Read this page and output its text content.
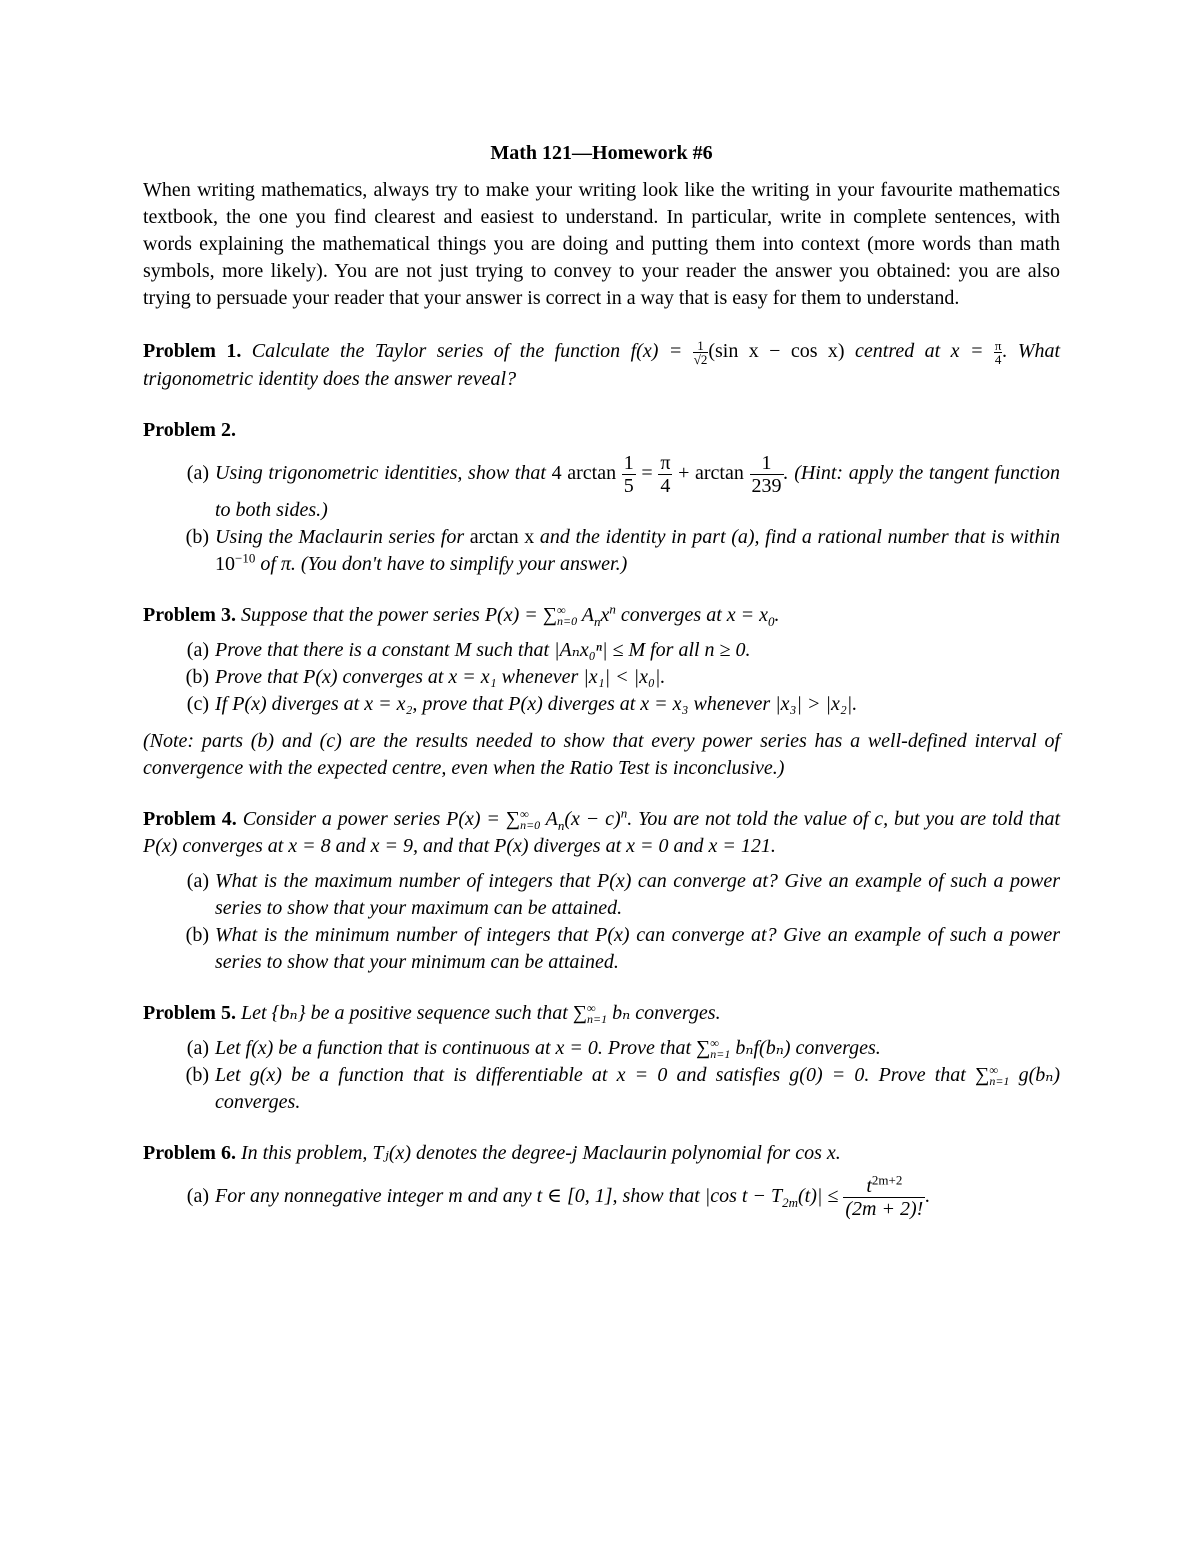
Math 121—Homework #6
When writing mathematics, always try to make your writing look like the writing in your favourite mathematics textbook, the one you find clearest and easiest to understand. In particular, write in complete sentences, with words explaining the mathematical things you are doing and putting them into context (more words than math symbols, more likely). You are not just trying to convey to your reader the answer you obtained: you are also trying to persuade your reader that your answer is correct in a way that is easy for them to understand.
Problem 1. Calculate the Taylor series of the function $f(x) = \frac{1}{√2} (\sin$ x − cos x) centred at $x = \frac{\pi}{4}$ . What trigonometric identity does the answer reveal?
Problem 2.
(a) Using trigonometric identities, show that 4 $\arctan \frac{1}{5} = \frac{\pi}{4} + \arctan \frac{1}{239}$ . (Hint: apply the tangent function to both sides.)
(b) Using the Maclaurin series for arctan x and the identity in part (a), find a rational number that is within $10^{-10}$ of π. (You don't have to simplify your answer.)
Problem 3. Suppose that the power series P(x) = ∑ ∞
n=0 $A_nx^n$ converges at $x = x_0$.
(a) Prove that there is a constant M such that |Aₙx₀ⁿ| ≤ M for all n ≥ 0.
(b) Prove that P(x) converges at x = x₁ whenever |x₁| < |x₀|.
(c) If P(x) diverges at x = x₂, prove that P(x) diverges at x = x₃ whenever |x₃| > |x₂|.
(Note: parts (b) and (c) are the results needed to show that every power series has a well-defined interval of convergence with the expected centre, even when the Ratio Test is inconclusive.)
Problem 4. Consider a power series P(x) = ∑ ∞
n=0 $A_n(x - c)^n$. You are not told the value of c, but you are told that P(x) converges at x = 8 and x = 9, and that P(x) diverges at x = 0 and x = 121.
(a) What is the maximum number of integers that P(x) can converge at? Give an example of such a power series to show that your maximum can be attained.
(b) What is the minimum number of integers that P(x) can converge at? Give an example of such a power series to show that your minimum can be attained.
Problem 5. Let {bₙ} be a positive sequence such that ∑ ∞
n=1 bₙ converges.
(a) Let f(x) be a function that is continuous at x = 0. Prove that ∑ ∞
n=1 bₙf(bₙ) converges.
(b) Let g(x) be a function that is differentiable at x = 0 and satisfies g(0) = 0. Prove that ∑ ∞
n=1 g(bₙ) converges.
Problem 6. In this problem, Tⱼ(x) denotes the degree-j Maclaurin polynomial for cos x.
(a) For any nonnegative integer m and any t ∈ [0, 1], show that |cos $t - T_{2m}(t)| \le \frac{t^{2m+2}}{(2m + 2)!}$ .
